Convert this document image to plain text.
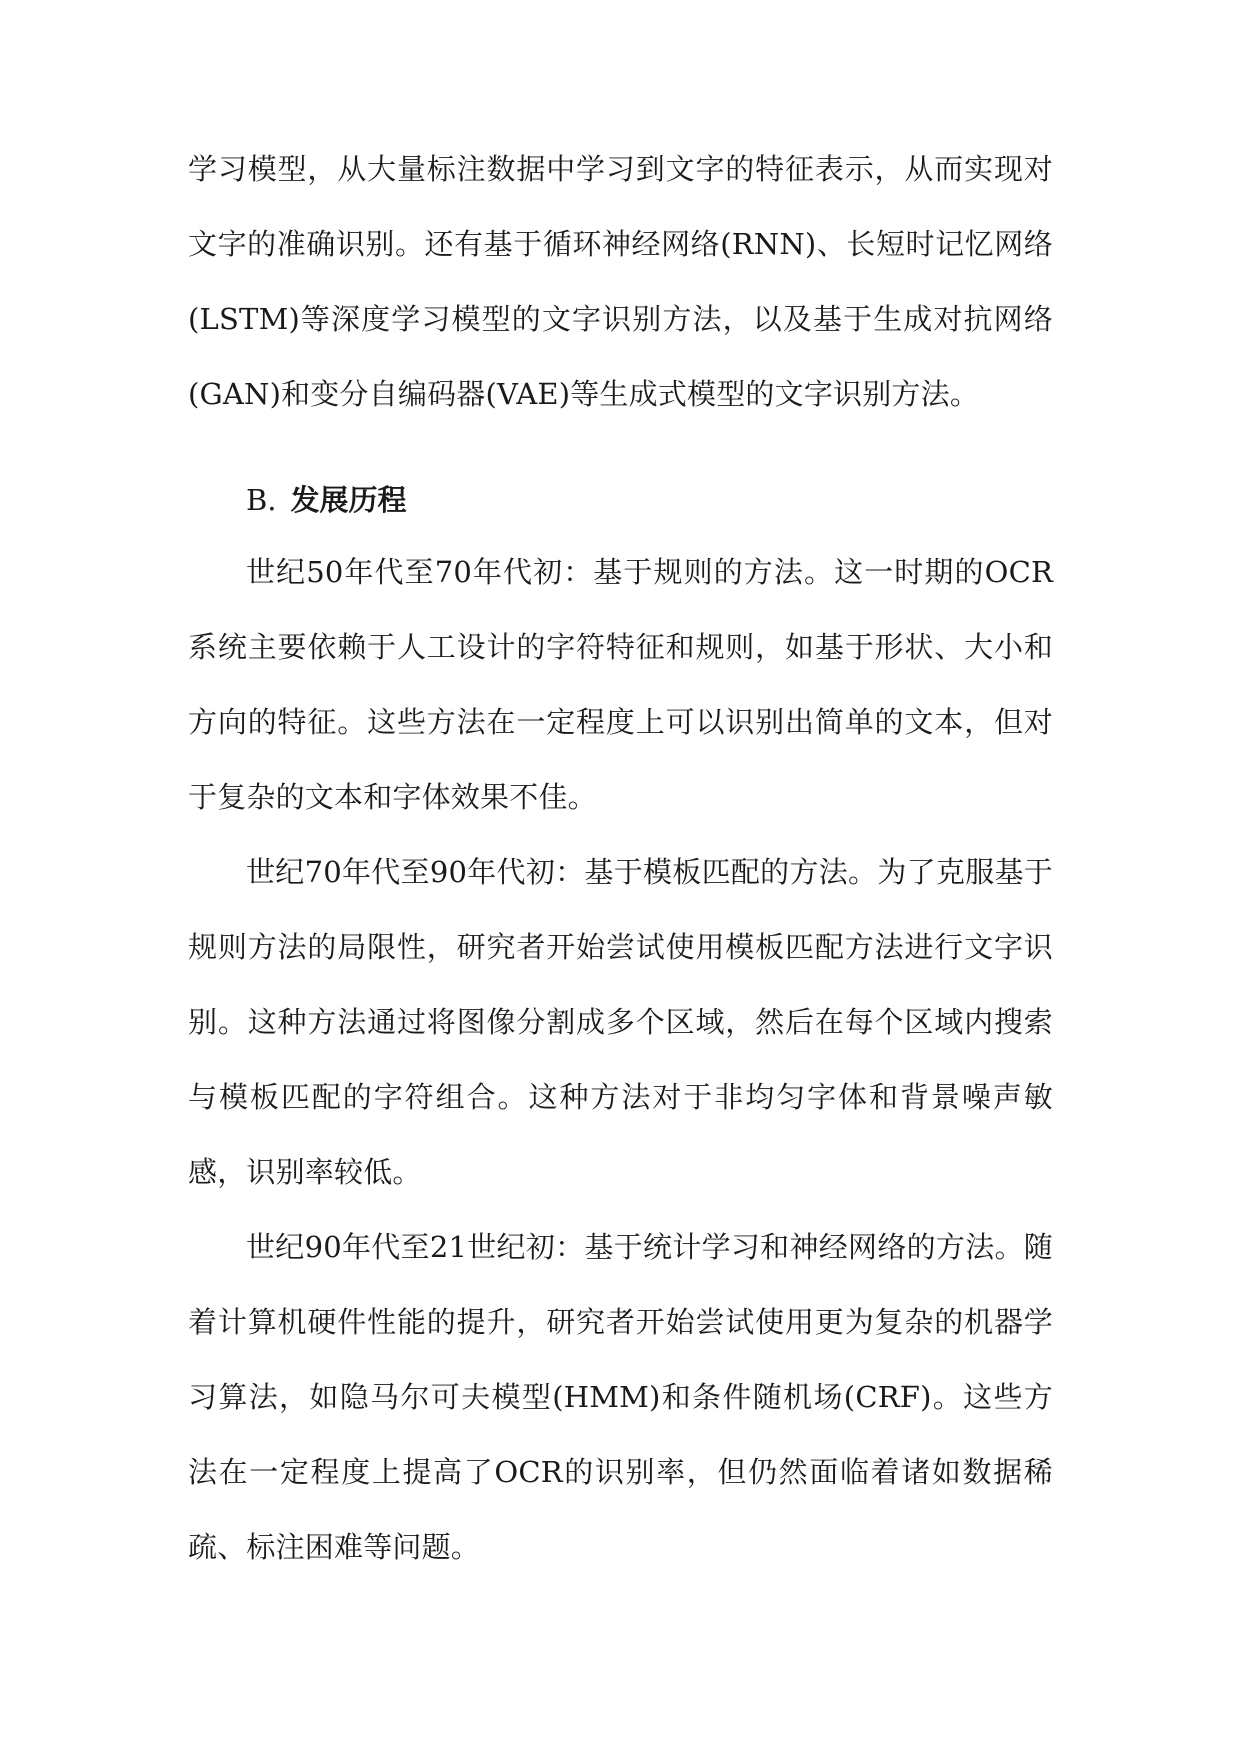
学习模型，从大量标注数据中学习到文字的特征表示，从而实现对文字的准确识别。还有基于循环神经网络(RNN)、长短时记忆网络(LSTM)等深度学习模型的文字识别方法，以及基于生成对抗网络(GAN)和变分自编码器(VAE)等生成式模型的文字识别方法。

B. 发展历程

世纪50年代至70年代初：基于规则的方法。这一时期的OCR系统主要依赖于人工设计的字符特征和规则，如基于形状、大小和方向的特征。这些方法在一定程度上可以识别出简单的文本，但对于复杂的文本和字体效果不佳。

世纪70年代至90年代初：基于模板匹配的方法。为了克服基于规则方法的局限性，研究者开始尝试使用模板匹配方法进行文字识别。这种方法通过将图像分割成多个区域，然后在每个区域内搜索与模板匹配的字符组合。这种方法对于非均匀字体和背景噪声敏感，识别率较低。

世纪90年代至21世纪初：基于统计学习和神经网络的方法。随着计算机硬件性能的提升，研究者开始尝试使用更为复杂的机器学习算法，如隐马尔可夫模型(HMM)和条件随机场(CRF)。这些方法在一定程度上提高了OCR的识别率，但仍然面临着诸如数据稀疏、标注困难等问题。
